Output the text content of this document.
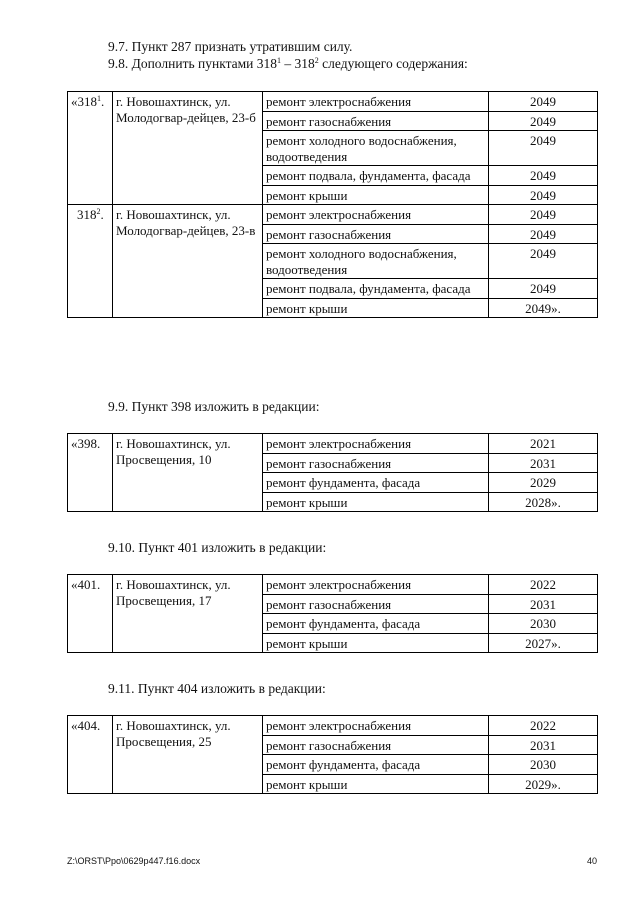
9.7. Пункт 287 признать утратившим силу.
9.8. Дополнить пунктами $318^1 - 318^2$ следующего содержания:
«$318^1$.	г. Новошахтинск, ул. Молодогвар-дейцев, 23-б	ремонт электроснабжения	2049
		ремонт газоснабжения	2049
		ремонт холодного водоснабжения, водоотведения	2049
		ремонт подвала, фундамента, фасада	2049
		ремонт крыши	2049
$318^2$.	г. Новошахтинск, ул. Молодогвар-дейцев, 23-в	ремонт электроснабжения	2049
		ремонт газоснабжения	2049
		ремонт холодного водоснабжения, водоотведения	2049
		ремонт подвала, фундамента, фасада	2049
		ремонт крыши	2049».
9.9. Пункт 398 изложить в редакции:
«398.	г. Новошахтинск, ул. Просвещения, 10	ремонт электроснабжения	2021
		ремонт газоснабжения	2031
		ремонт фундамента, фасада	2029
		ремонт крыши	2028».
9.10. Пункт 401 изложить в редакции:
«401.	г. Новошахтинск, ул. Просвещения, 17	ремонт электроснабжения	2022
		ремонт газоснабжения	2031
		ремонт фундамента, фасада	2030
		ремонт крыши	2027».
9.11. Пункт 404 изложить в редакции:
«404.	г. Новошахтинск, ул. Просвещения, 25	ремонт электроснабжения	2022
		ремонт газоснабжения	2031
		ремонт фундамента, фасада	2030
		ремонт крыши	2029».
Z:\ORST\Ppo\0629p447.f16.docx	40
